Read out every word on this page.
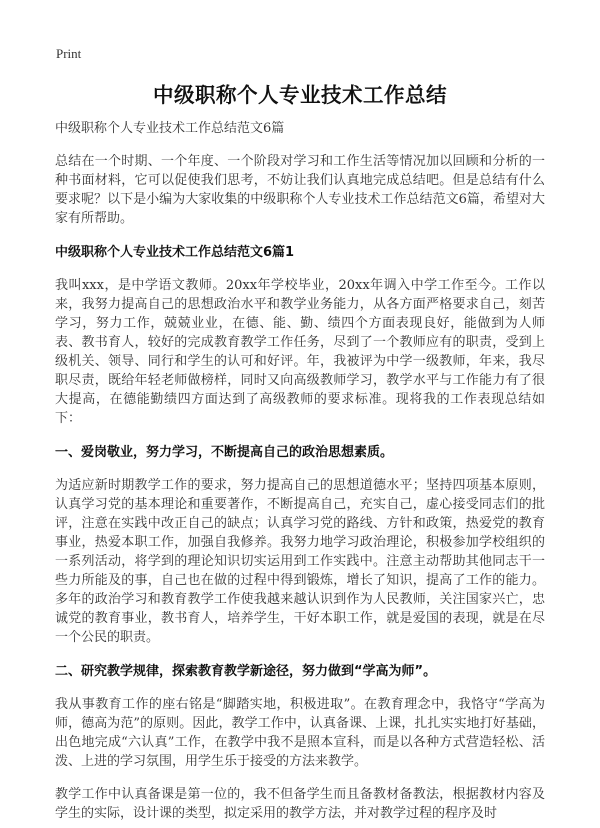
Print
中级职称个人专业技术工作总结

中级职称个人专业技术工作总结范文6篇

总结在一个时期、一个年度、一个阶段对学习和工作生活等情况加以回顾和分析的一种书面材料，它可以促使我们思考，不妨让我们认真地完成总结吧。但是总结有什么要求呢？以下是小编为大家收集的中级职称个人专业技术工作总结范文6篇，希望对大家有所帮助。

中级职称个人专业技术工作总结范文6篇1

我叫xxx，是中学语文教师。20xx年学校毕业，20xx年调入中学工作至今。工作以来，我努力提高自己的思想政治水平和教学业务能力，从各方面严格要求自己，刻苦学习，努力工作，兢兢业业，在德、能、勤、绩四个方面表现良好，能做到为人师表、教书育人，较好的完成教育教学工作任务，尽到了一个教师应有的职责，受到上级机关、领导、同行和学生的认可和好评。年，我被评为中学一级教师，年来，我尽职尽责，既给年轻老师做榜样，同时又向高级教师学习，教学水平与工作能力有了很大提高，在德能勤绩四方面达到了高级教师的要求标准。现将我的工作表现总结如下：

一、爱岗敬业，努力学习，不断提高自己的政治思想素质。

为适应新时期教学工作的要求，努力提高自己的思想道德水平；坚持四项基本原则，认真学习党的基本理论和重要著作，不断提高自己，充实自己，虚心接受同志们的批评，注意在实践中改正自己的缺点；认真学习党的路线、方针和政策，热爱党的教育事业，热爱本职工作，加强自我修养。我努力地学习政治理论，积极参加学校组织的一系列活动，将学到的理论知识切实运用到工作实践中。注意主动帮助其他同志干一些力所能及的事，自己也在做的过程中得到锻炼，增长了知识，提高了工作的能力。多年的政治学习和教育教学工作使我越来越认识到作为人民教师，关注国家兴亡，忠诚党的教育事业，教书育人，培养学生，干好本职工作，就是爱国的表现，就是在尽一个公民的职责。

二、研究教学规律，探索教育教学新途径，努力做到“学高为师”。

我从事教育工作的座右铭是“脚踏实地，积极进取”。在教育理念中，我恪守“学高为师，德高为范”的原则。因此，教学工作中，认真备课、上课，扎扎实实地打好基础，出色地完成“六认真”工作，在教学中我不是照本宣科，而是以各种方式营造轻松、活泼、上进的学习氛围，用学生乐于接受的方法来教学。

教学工作中认真备课是第一位的，我不但备学生而且备教材备教法，根据教材内容及学生的实际，设计课的类型，拟定采用的教学方法，并对教学过程的程序及时
